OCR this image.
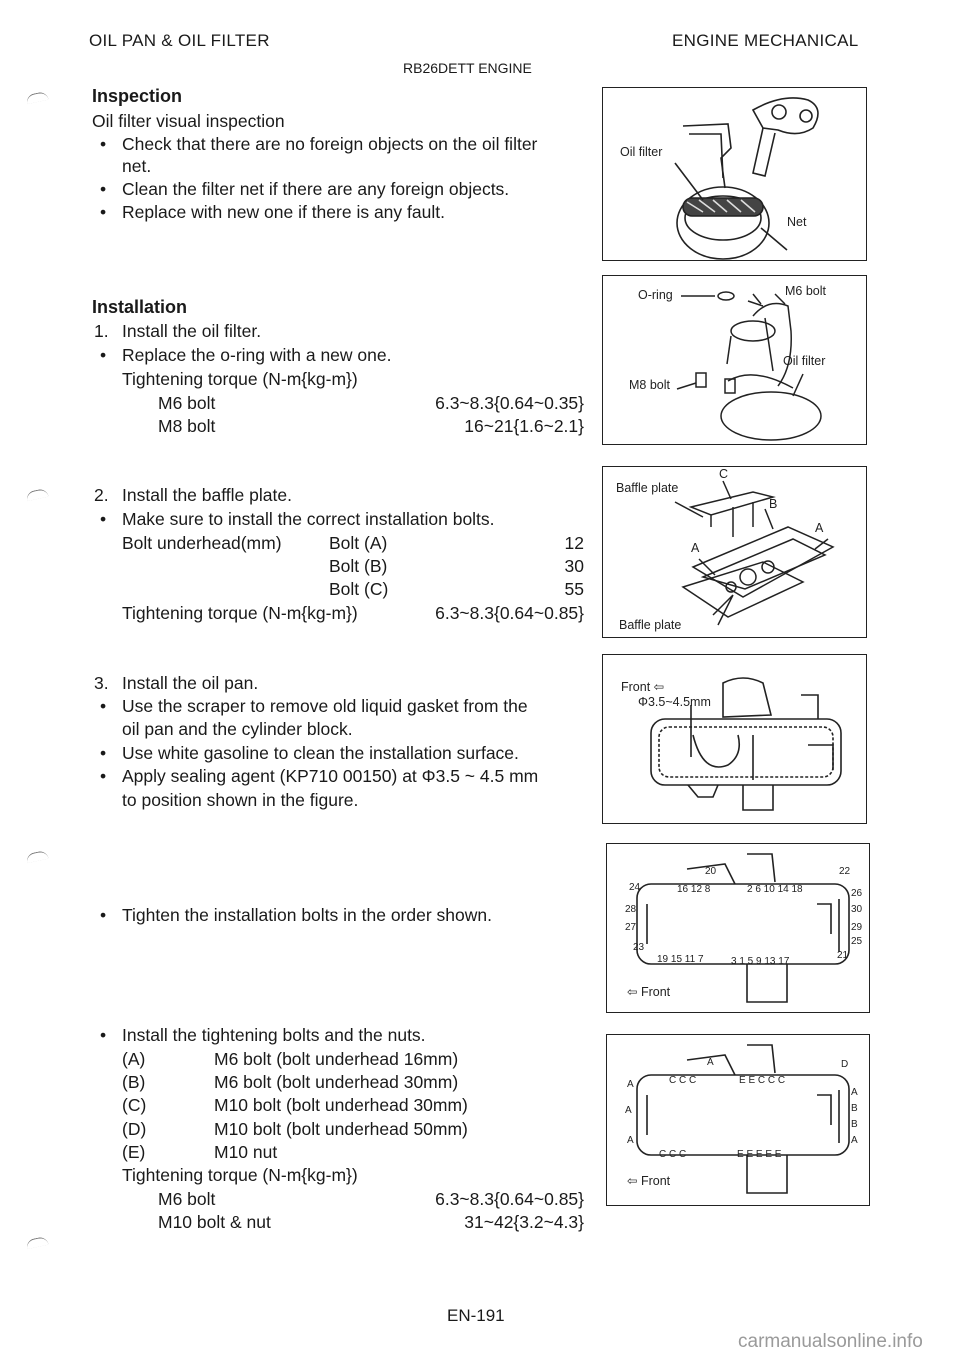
OIL PAN & OIL FILTER	ENGINE MECHANICAL
RB26DETT ENGINE
Inspection
Oil filter visual inspection
• Check that there are no foreign objects on the oil filter
net.
• Clean the filter net if there are any foreign objects.
• Replace with new one if there is any fault.
Installation
1. Install the oil filter.
• Replace the o-ring with a new one.
Tightening torque (N-m{kg-m})
M6 bolt	6.3~8.3{0.64~0.35}
M8 bolt	16~21{1.6~2.1}
2. Install the baffle plate.
• Make sure to install the correct installation bolts.
Bolt underhead(mm)	Bolt (A)	12
Bolt (B)	30
Bolt (C)	55
Tightening torque (N-m{kg-m})	6.3~8.3{0.64~0.85}
3. Install the oil pan.
• Use the scraper to remove old liquid gasket from the
oil pan and the cylinder block.
• Use white gasoline to clean the installation surface.
• Apply sealing agent (KP710 00150) at Φ3.5 ~ 4.5 mm
to position shown in the figure.
• Tighten the installation bolts in the order shown.
• Install the tightening bolts and the nuts.
(A)	M6 bolt (bolt underhead 16mm)
(B)	M6 bolt (bolt underhead 30mm)
(C)	M10 bolt (bolt underhead 30mm)
(D)	M10 bolt (bolt underhead 50mm)
(E)	M10 nut
Tightening torque (N-m{kg-m})
M6 bolt	6.3~8.3{0.64~0.85}
M10 bolt & nut	31~42{3.2~4.3}
Oil filter
Net
O-ring	M6 bolt
Oil filter
M8 bolt
Baffle plate
C
B
A
A
Baffle plate
Front ⇦
Φ3.5~4.5mm
20	22
24	16 12 8	2 6 10 14 18	26
28	30
27	29
23
25
19 15 11 7	3 1 5 9 13 17
21
⇦ Front
A	D
A	C C C	E E C C C
A
B
A
B
A
A
C C C	E E E E E
⇦ Front
EN-191
carmanualsonline.info
